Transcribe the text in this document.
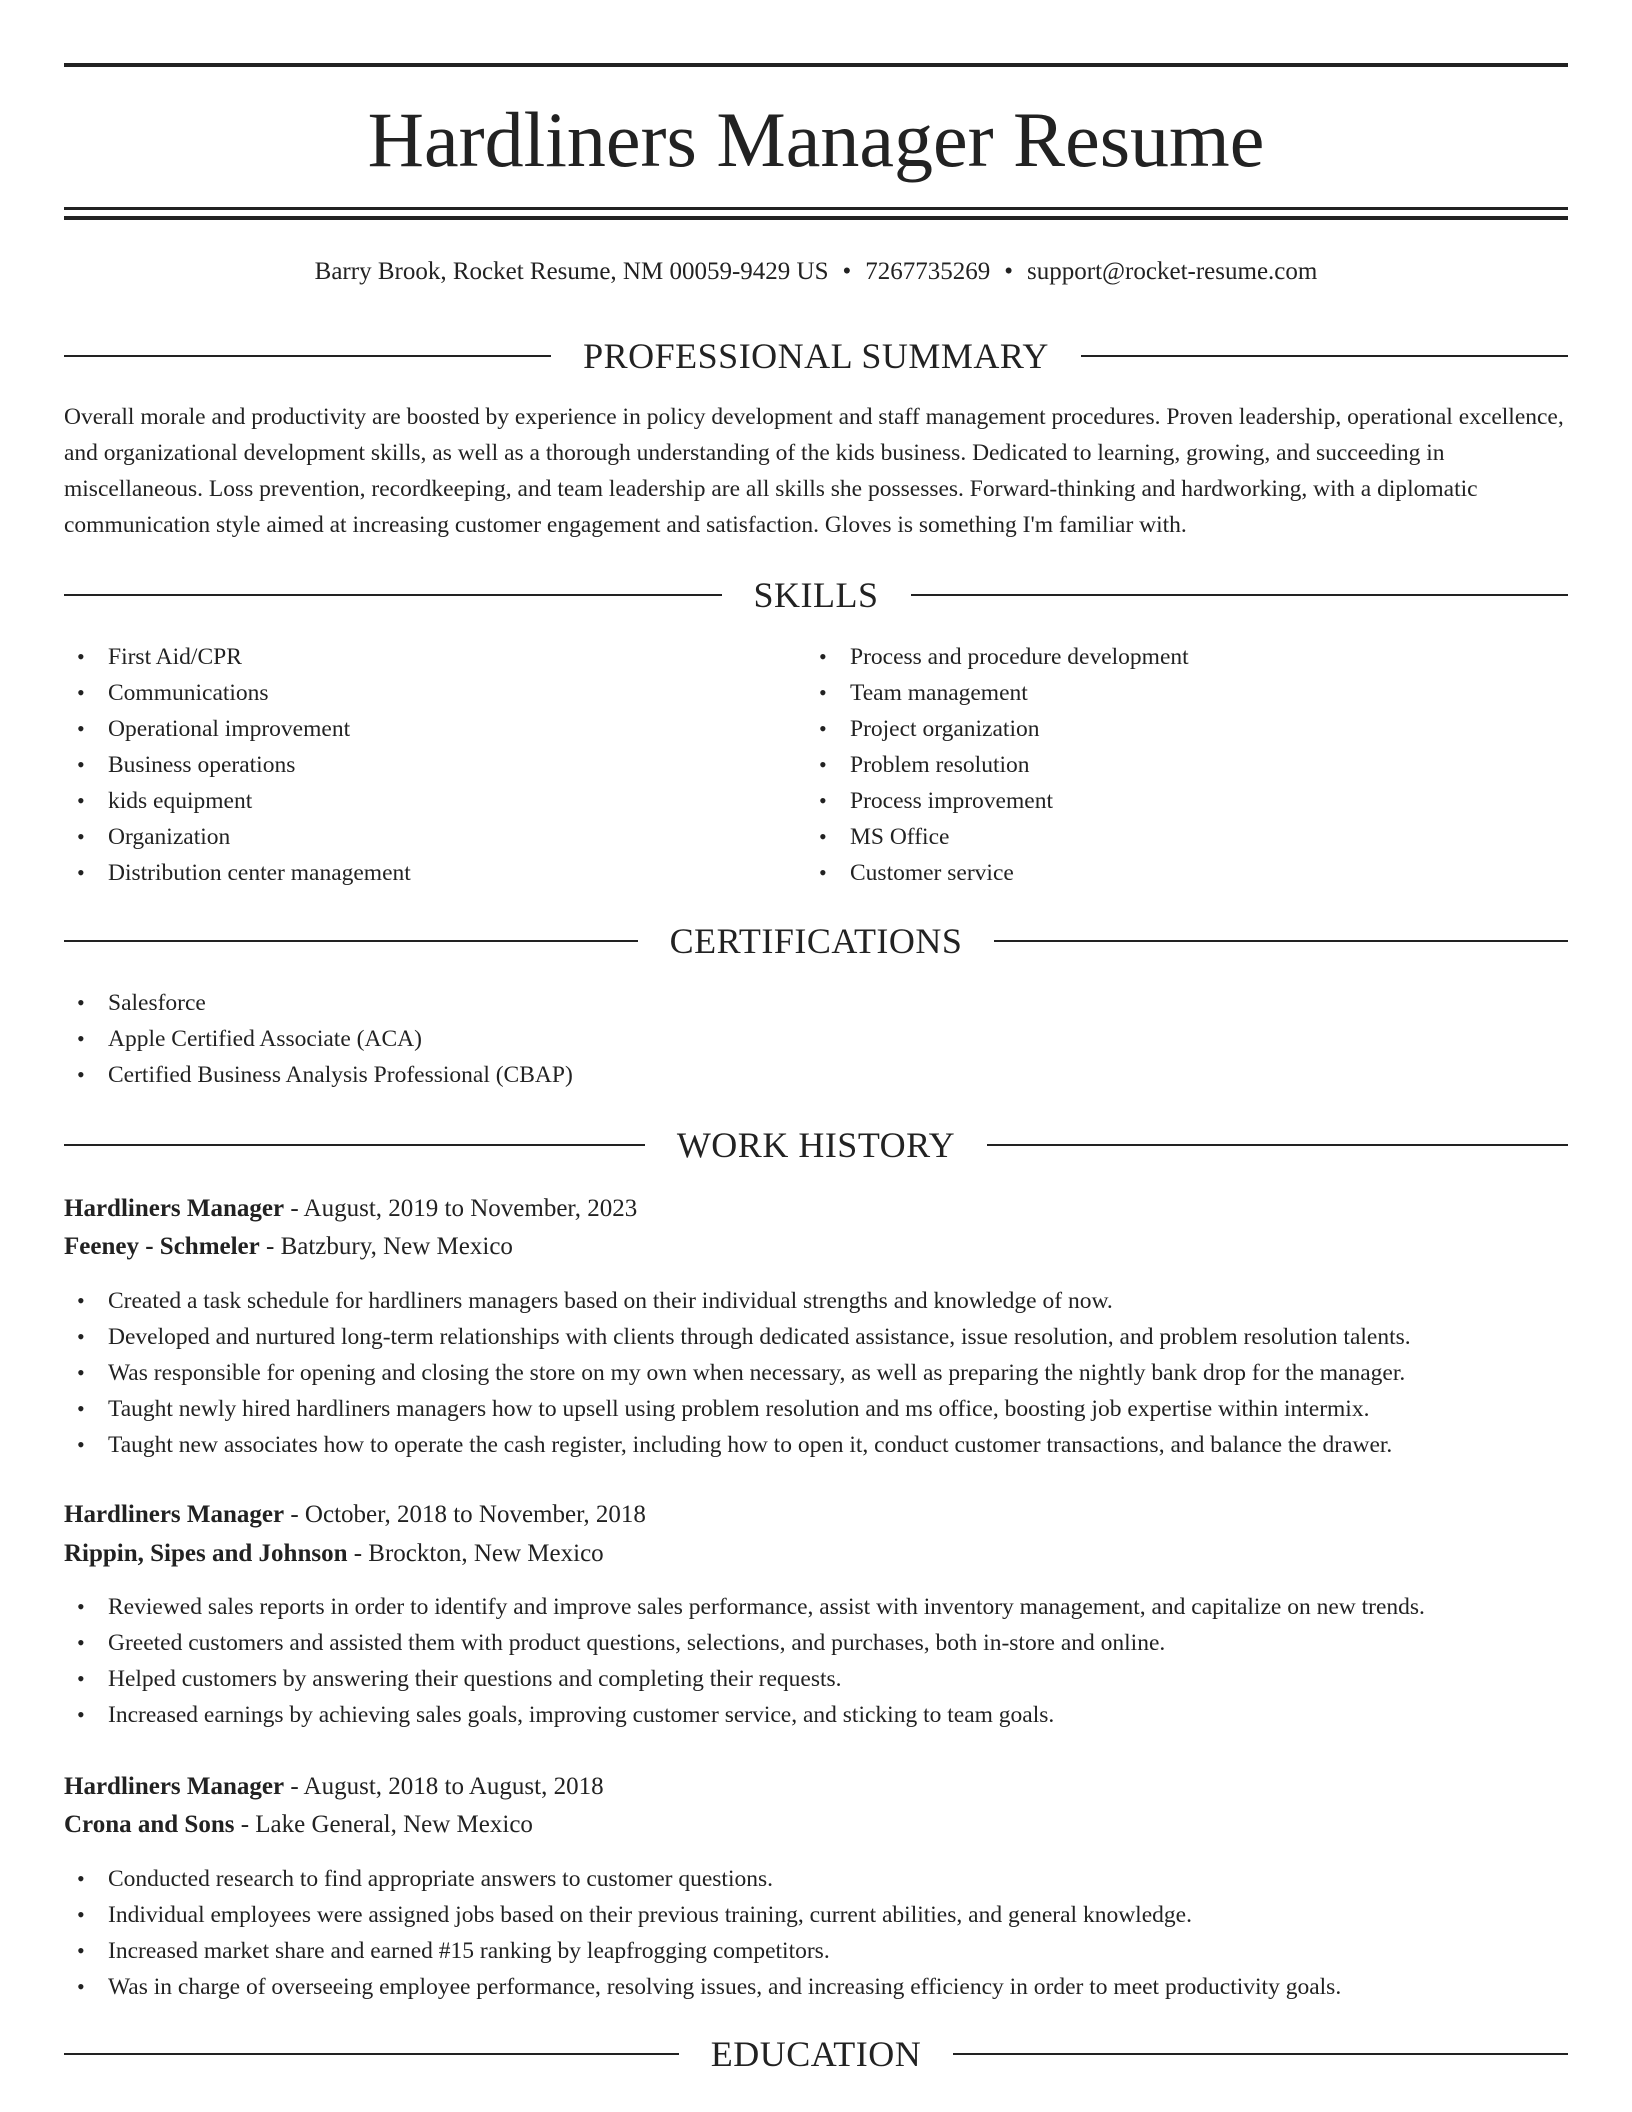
Hardliners Manager Resume
Barry Brook, Rocket Resume, NM 00059-9429 US • 7267735269 • support@rocket-resume.com
PROFESSIONAL SUMMARY

Overall morale and productivity are boosted by experience in policy development and staff management procedures. Proven leadership, operational excellence, and organizational development skills, as well as a thorough understanding of the kids business. Dedicated to learning, growing, and succeeding in miscellaneous. Loss prevention, recordkeeping, and team leadership are all skills she possesses. Forward-thinking and hardworking, with a diplomatic communication style aimed at increasing customer engagement and satisfaction. Gloves is something I'm familiar with.

SKILLS
• First Aid/CPR
• Communications
• Operational improvement
• Business operations
• kids equipment
• Organization
• Distribution center management
• Process and procedure development
• Team management
• Project organization
• Problem resolution
• Process improvement
• MS Office
• Customer service
CERTIFICATIONS
• Salesforce
• Apple Certified Associate (ACA)
• Certified Business Analysis Professional (CBAP)
WORK HISTORY
Hardliners Manager - August, 2019 to November, 2023
Feeney - Schmeler - Batzbury, New Mexico
• Created a task schedule for hardliners managers based on their individual strengths and knowledge of now.
• Developed and nurtured long-term relationships with clients through dedicated assistance, issue resolution, and problem resolution talents.
• Was responsible for opening and closing the store on my own when necessary, as well as preparing the nightly bank drop for the manager.
• Taught newly hired hardliners managers how to upsell using problem resolution and ms office, boosting job expertise within intermix.
• Taught new associates how to operate the cash register, including how to open it, conduct customer transactions, and balance the drawer.
Hardliners Manager - October, 2018 to November, 2018
Rippin, Sipes and Johnson - Brockton, New Mexico
• Reviewed sales reports in order to identify and improve sales performance, assist with inventory management, and capitalize on new trends.
• Greeted customers and assisted them with product questions, selections, and purchases, both in-store and online.
• Helped customers by answering their questions and completing their requests.
• Increased earnings by achieving sales goals, improving customer service, and sticking to team goals.
Hardliners Manager - August, 2018 to August, 2018
Crona and Sons - Lake General, New Mexico
• Conducted research to find appropriate answers to customer questions.
• Individual employees were assigned jobs based on their previous training, current abilities, and general knowledge.
• Increased market share and earned #15 ranking by leapfrogging competitors.
• Was in charge of overseeing employee performance, resolving issues, and increasing efficiency in order to meet productivity goals.
EDUCATION
